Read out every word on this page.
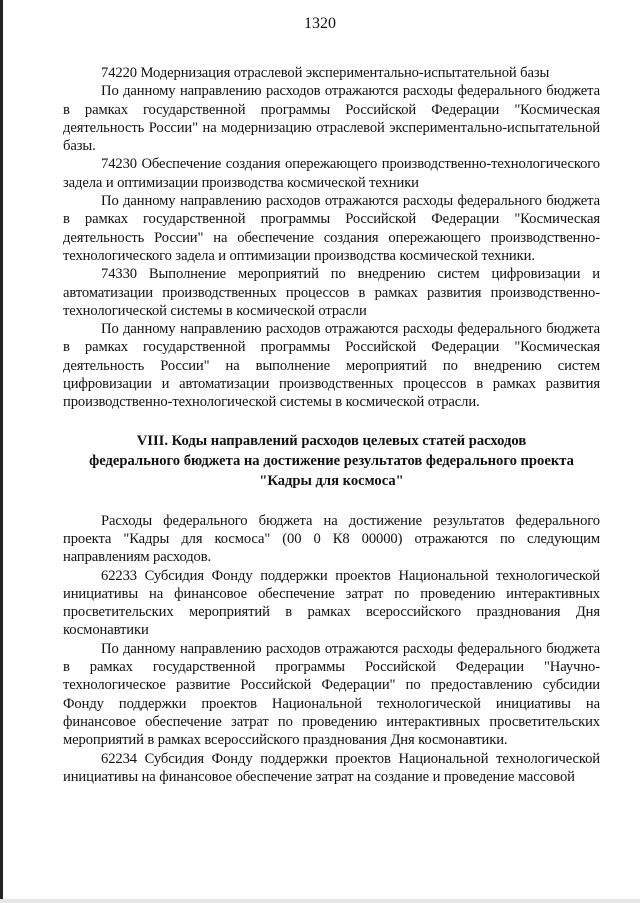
1320

74220 Модернизация отраслевой экспериментально-испытательной базы

По данному направлению расходов отражаются расходы федерального бюджета в рамках государственной программы Российской Федерации "Космическая деятельность России" на модернизацию отраслевой экспериментально-испытательной базы.

74230 Обеспечение создания опережающего производственно-технологического задела и оптимизации производства космической техники

По данному направлению расходов отражаются расходы федерального бюджета в рамках государственной программы Российской Федерации "Космическая деятельность России" на обеспечение создания опережающего производственно-технологического задела и оптимизации производства космической техники.

74330 Выполнение мероприятий по внедрению систем цифровизации и автоматизации производственных процессов в рамках развития производственно-технологической системы в космической отрасли

По данному направлению расходов отражаются расходы федерального бюджета в рамках государственной программы Российской Федерации "Космическая деятельность России" на выполнение мероприятий по внедрению систем цифровизации и автоматизации производственных процессов в рамках развития производственно-технологической системы в космической отрасли.

VIII. Коды направлений расходов целевых статей расходов
федерального бюджета на достижение результатов федерального проекта
"Кадры для космоса"

Расходы федерального бюджета на достижение результатов федерального проекта "Кадры для космоса" (00 0 К8 00000) отражаются по следующим направлениям расходов.

62233 Субсидия Фонду поддержки проектов Национальной технологической инициативы на финансовое обеспечение затрат по проведению интерактивных просветительских мероприятий в рамках всероссийского празднования Дня космонавтики

По данному направлению расходов отражаются расходы федерального бюджета в рамках государственной программы Российской Федерации "Научно-технологическое развитие Российской Федерации" по предоставлению субсидии Фонду поддержки проектов Национальной технологической инициативы на финансовое обеспечение затрат по проведению интерактивных просветительских мероприятий в рамках всероссийского празднования Дня космонавтики.

62234 Субсидия Фонду поддержки проектов Национальной технологической инициативы на финансовое обеспечение затрат на создание и проведение массовой
